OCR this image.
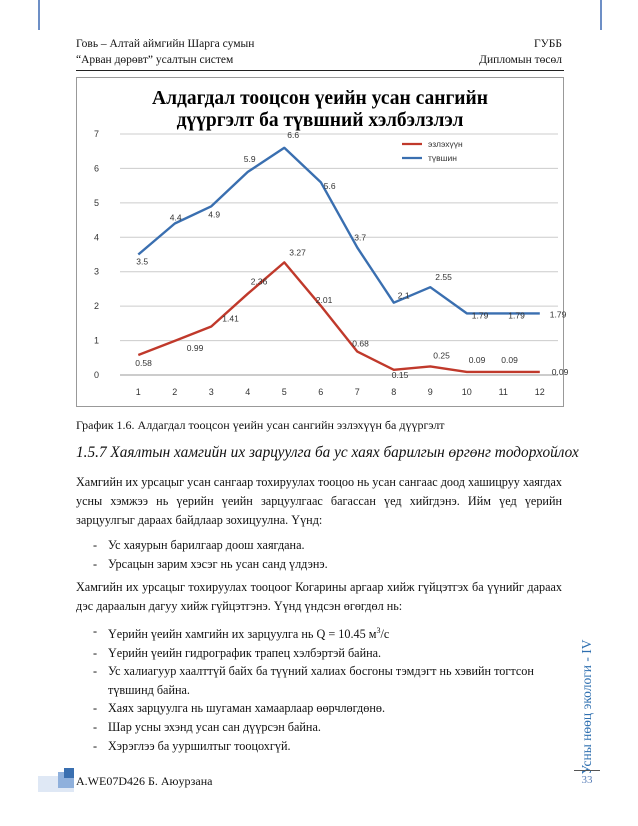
Говь – Алтай аймгийн Шарга сумын
“Арван дөрөвт” усалтын систем
ГУББ
Дипломын төсөл
Алдагдал тооцсон үеийн усан сангийн
дүүргэлт ба түвшний хэлбэлзлэл
0
1
2
3
4
5
6
7
1	2	3	4	5	6	7	8	9	10	11	12
0.58
0.99
1.41
2.36
3.27
2.01
0.68
0.15
0.25 0.09 0.09
0.09
3.5
4.4	4.9
5.9
6.6
5.6
3.7
2.1
2.55
1.79 1.79	1.79
эзлэхүүн
түвшин
График 1.6. Алдагдал тооцсон үеийн усан сангийн эзлэхүүн ба дүүргэлт
1.5.7 Хаялтын хамгийн их зарцуулга ба ус хаях барилгын өргөнг тодорхойлох
Хамгийн их урсацыг усан сангаар тохируулах тооцоо нь усан сангаас доод хашицруу хаягдах усны хэмжээ нь үерийн үеийн зарцуулгаас багассан үед хийгдэнэ. Ийм үед үерийн зарцуулгыг дараах байдлаар зохицуулна. Үүнд:
- Ус хаяурын барилгаар доош хаягдана.
- Урсацын зарим хэсэг нь усан санд үлдэнэ.
Хамгийн их урсацыг тохируулах тооцоог Когарины аргаар хийж гүйцэтгэх ба үүнийг дараах дэс дараалын дагуу хийж гүйцэтгэнэ. Үүнд үндсэн өгөгдөл нь:
- Үерийн үеийн хамгийн их зарцуулга нь Q = 10.45 $м^3/с$
- Үерийн үеийн гидрографик трапец хэлбэртэй байна.
- Ус халиагуур хаалттүй байх ба түүний халиах босгоны тэмдэгт нь хэвийн тогтсон түвшинд байна.
- Хаях зарцуулга нь шугаман хамаарлаар өөрчлөгдөнө.
- Шар усны эхэнд усан сан дүүрсэн байна.
- Хэрэглээ ба ууршилтыг тооцохгүй.	Усны нөөц экологи - IV
33
A.WE07D426 Б. Аюурзана
